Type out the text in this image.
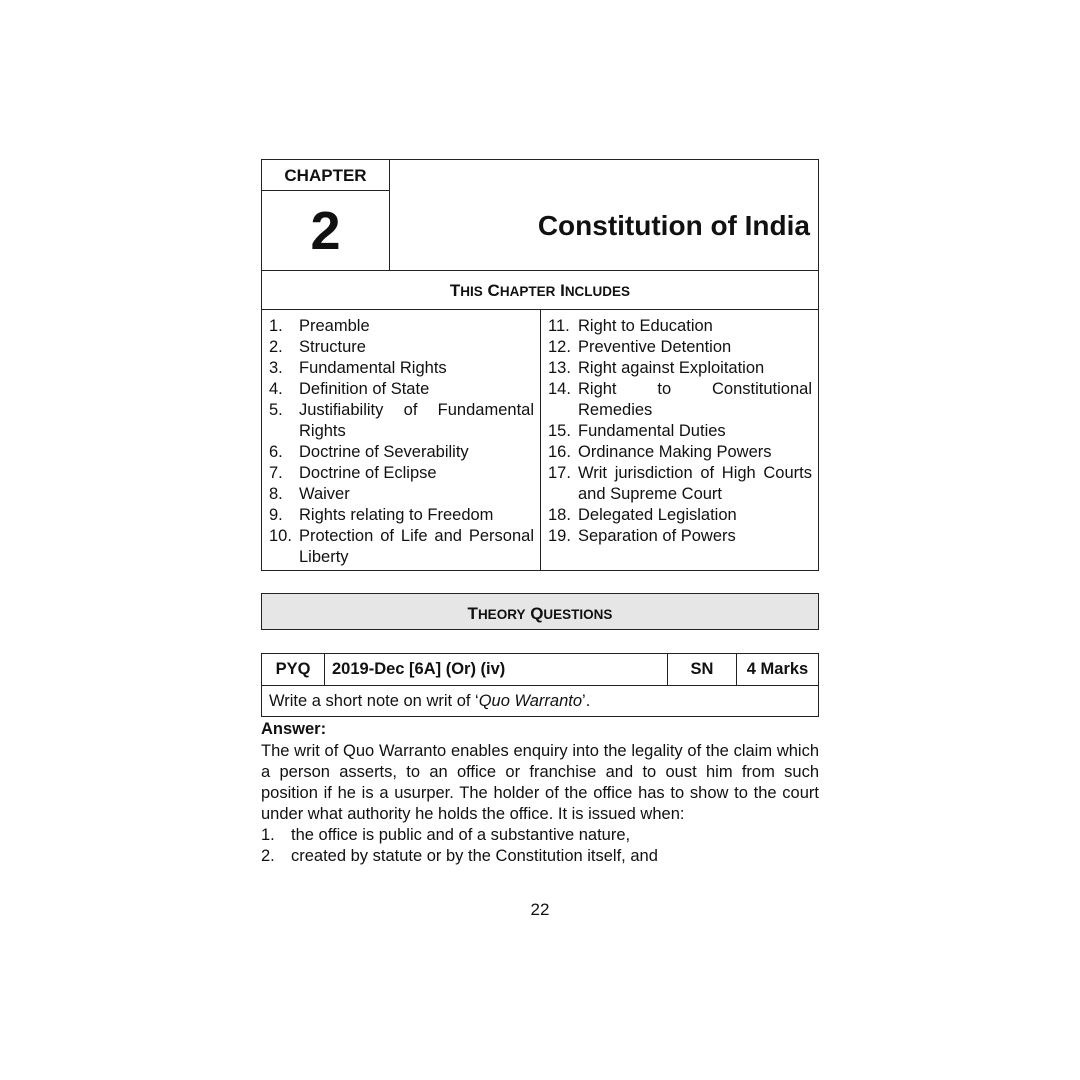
CHAPTER
2	Constitution of India
THIS CHAPTER INCLUDES
1. Preamble
2. Structure
3. Fundamental Rights
4. Definition of State
5. Justifiability of Fundamental Rights
6. Doctrine of Severability
7. Doctrine of Eclipse
8. Waiver
9. Rights relating to Freedom
10. Protection of Life and Personal Liberty
11. Right to Education
12. Preventive Detention
13. Right against Exploitation
14. Right to Constitutional Remedies
15. Fundamental Duties
16. Ordinance Making Powers
17. Writ jurisdiction of High Courts and Supreme Court
18. Delegated Legislation
19. Separation of Powers
THEORY QUESTIONS
PYQ	2019-Dec [6A] (Or) (iv)	SN	4 Marks
Write a short note on writ of ‘Quo Warranto’.
Answer:
The writ of Quo Warranto enables enquiry into the legality of the claim which a person asserts, to an office or franchise and to oust him from such position if he is a usurper. The holder of the office has to show to the court under what authority he holds the office. It is issued when:
1. the office is public and of a substantive nature,
2. created by statute or by the Constitution itself, and
22
